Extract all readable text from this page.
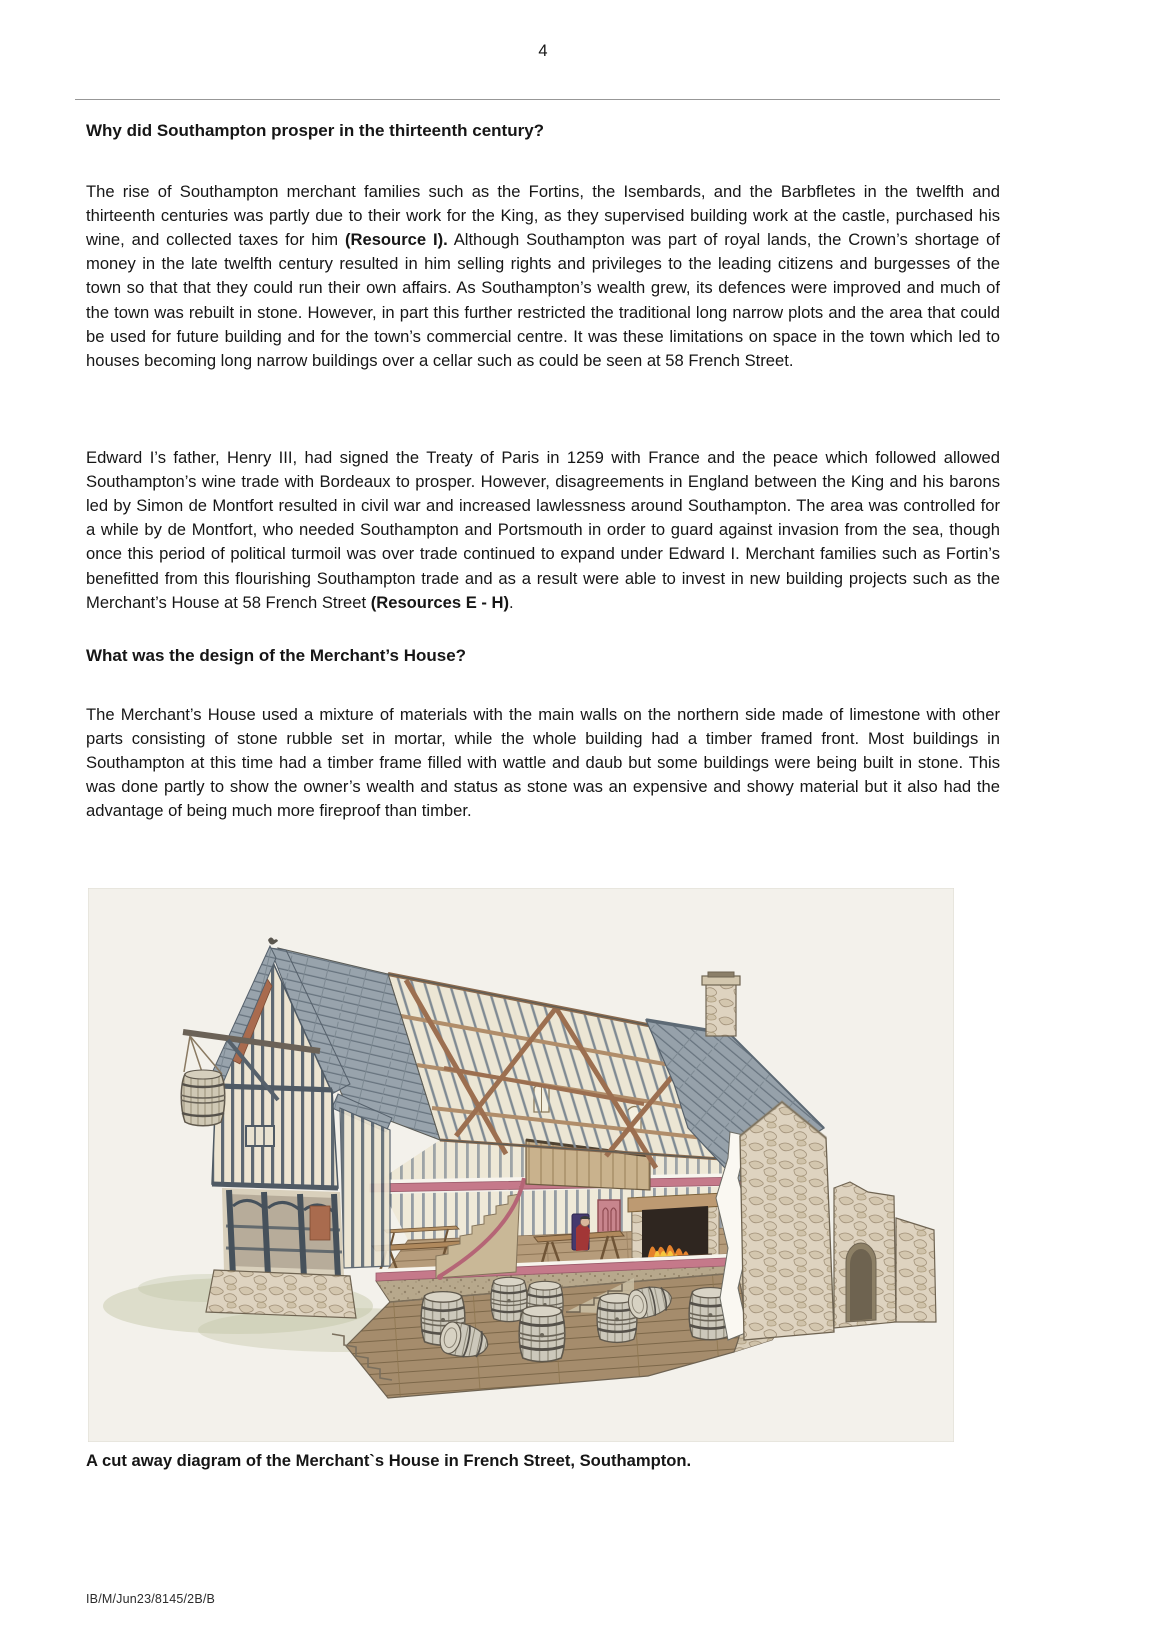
4
Why did Southampton prosper in the thirteenth century?

The rise of Southampton merchant families such as the Fortins, the Isembards, and the Barbfletes in the twelfth and thirteenth centuries was partly due to their work for the King, as they supervised building work at the castle, purchased his wine, and collected taxes for him (Resource I). Although Southampton was part of royal lands, the Crown’s shortage of money in the late twelfth century resulted in him selling rights and privileges to the leading citizens and burgesses of the town so that that they could run their own affairs. As Southampton’s wealth grew, its defences were improved and much of the town was rebuilt in stone. However, in part this further restricted the traditional long narrow plots and the area that could be used for future building and for the town’s commercial centre. It was these limitations on space in the town which led to houses becoming long narrow buildings over a cellar such as could be seen at 58 French Street.

Edward I’s father, Henry III, had signed the Treaty of Paris in 1259 with France and the peace which followed allowed Southampton’s wine trade with Bordeaux to prosper. However, disagreements in England between the King and his barons led by Simon de Montfort resulted in civil war and increased lawlessness around Southampton. The area was controlled for a while by de Montfort, who needed Southampton and Portsmouth in order to guard against invasion from the sea, though once this period of political turmoil was over trade continued to expand under Edward I. Merchant families such as Fortin’s benefitted from this flourishing Southampton trade and as a result were able to invest in new building projects such as the Merchant’s House at 58 French Street (Resources E - H).

What was the design of the Merchant’s House?

The Merchant’s House used a mixture of materials with the main walls on the northern side made of limestone with other parts consisting of stone rubble set in mortar, while the whole building had a timber framed front. Most buildings in Southampton at this time had a timber frame filled with wattle and daub but some buildings were being built in stone. This was done partly to show the owner’s wealth and status as stone was an expensive and showy material but it also had the advantage of being much more fireproof than timber.

A cut away diagram of the Merchant`s House in French Street, Southampton.
IB/M/Jun23/8145/2B/B
